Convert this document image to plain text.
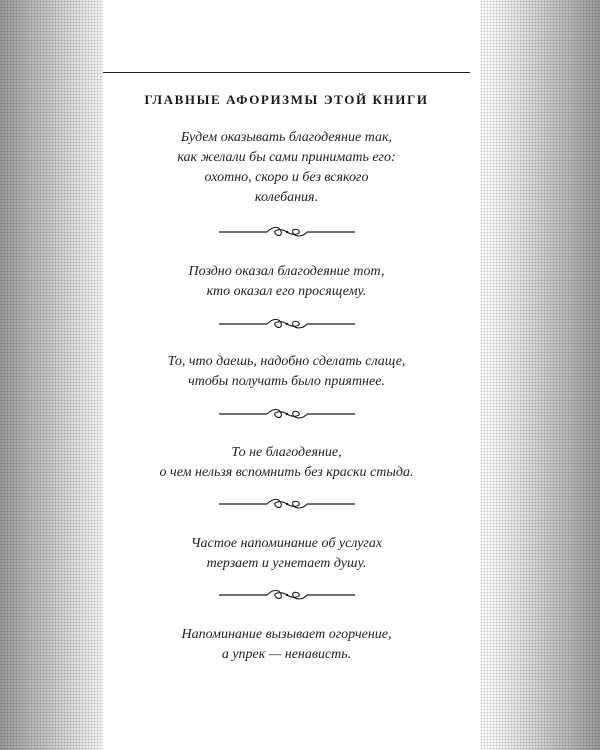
ГЛАВНЫЕ АФОРИЗМЫ ЭТОЙ КНИГИ
Будем оказывать благодеяние так,
как желали бы сами принимать его:
охотно, скоро и без всякого
колебания.
Поздно оказал благодеяние тот,
кто оказал его просящему.
То, что даешь, надобно сделать слаще,
чтобы получать было приятнее.
То не благодеяние,
о чем нельзя вспомнить без краски стыда.
Частое напоминание об услугах
терзает и угнетает душу.
Напоминание вызывает огорчение,
а упрек — ненависть.
